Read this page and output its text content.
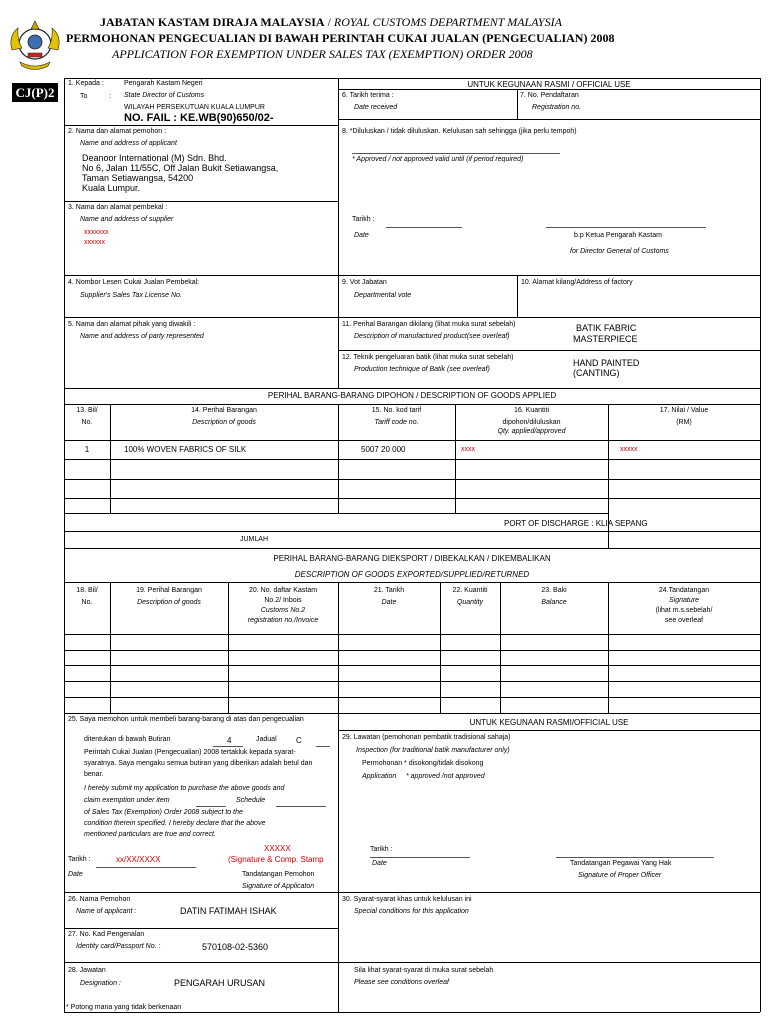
JABATAN KASTAM DIRAJA MALAYSIA / ROYAL CUSTOMS DEPARTMENT MALAYSIA
PERMOHONAN PENGECUALIAN DI BAWAH PERINTAH CUKAI JUALAN (PENGECUALIAN) 2008
APPLICATION FOR EXEMPTION UNDER SALES TAX (EXEMPTION) ORDER 2008
CJ(P)2
1. Kepada :
To	:
Pengarah Kastam Negeri
State Director of Customs
WILAYAH PERSEKUTUAN KUALA LUMPUR
NO. FAIL : KE.WB(90)650/02-
UNTUK KEGUNAAN RASMI / OFFICIAL USE
6. Tarikh terima :
Date received
7. No. Pendaftaran
Registration no.
2. Nama dan alamat pemohon :
Name and address of applicant
Deanoor International (M) Sdn. Bhd.
No 6, Jalan 11/55C, Off Jalan Bukit Setiawangsa,
Taman Setiawangsa, 54200
Kuala Lumpur.
8. *Diluluskan / tidak diluluskan. Kelulusan sah sehingga (jika perlu tempoh)
* Approved / not approved valid until (if period required)
3. Nama dan alamat pembekal :
Name and address of supplier
xxxxxxx
xxxxxx
Tarikh :
Date	b.p Ketua Pengarah Kastam
for Director General of Customs
4. Nombor Lesen Cukai Jualan Pembekal:
Supplier's Sales Tax License No.
9. Vot Jabatan
Departmental vote
10. Alamat kilang/Address of factory
5. Nama dan alamat pihak yang diwakili :
Name and address of party represented
11. Perihal Barangan dikilang (lihat muka surat sebelah)
Description of manufactured product(see overleaf)
BATIK FABRIC
MASTERPIECE
12. Teknik pengeluaran batik (lihat muka surat sebelah)
Production technique of Batik (see overleaf)
HAND PAINTED
(CANTING)
PERIHAL BARANG-BARANG DIPOHON / DESCRIPTION OF GOODS APPLIED
13. Bil/
No.
14. Perihal Barangan
Description of goods
15. No. kod tarif
Tariff code no.
16. Kuantiti
dipohon/diluluskan
Qty. applied/approved
17. Nilai / Value
(RM)
1	100% WOVEN FABRICS OF SILK	5007 20 000	xxxx	xxxxx
PORT OF DISCHARGE : KLIA SEPANG
JUMLAH
PERIHAL BARANG-BARANG DIEKSPORT / DIBEKALKAN / DIKEMBALIKAN
DESCRIPTION OF GOODS EXPORTED/SUPPLIED/RETURNED
18. Bil/
No.
19. Perihal Barangan
Description of goods
20. No. daftar Kastam
No.2/ Inbois
Customs No.2
registration no./Invoice
21. Tarikh
Date
22. Kuantiti
Quantity
23. Baki
Balance
24.Tandatangan
Signature
(lihat m.s.sebelah/
see overleaf
25. Saya memohon untuk membeli barang-barang di atas dan pengecualian
ditentukan di bawah Butiran	4	Jadual C
Perintah Cukai Jualan (Pengecualian) 2008 tertakluk kepada syarat-
syaratnya. Saya mengaku semua butiran yang diberikan adalah betul dan
benar.
I hereby submit my application to purchase the above goods and
claim exemption under item	Schedule
of Sales Tax (Exemption) Order 2008 subject to the
condition therein specified. I hereby declare that the above
mentioned particulars are true and correct.
Tarikh :	xx/XX/XXXX
Date
XXXXX
(Signature & Comp. Stamp
Tandatangan Pemohon
Signature of Applicaton
UNTUK KEGUNAAN RASMI/OFFICIAL USE
29. Lawatan (pemohonan pembatik tradisional sahaja)
Inspection (for traditional batik manufacturer only)
Permohonan * disokong/tidak disokong
Application * approved /not approved
Tarikh :
Date	Tandatangan Pegawai Yang Hak
Signature of Proper Officer
26. Nama Pemohon
Name of applicant :	DATIN FATIMAH ISHAK
30. Syarat-syarat khas untuk kelulusan ini
Special conditions for this application
27. No. Kad Pengenalan
Identity card/Passport No. :	570108-02-5360
28. Jawatan
Designation :	PENGARAH URUSAN
Sila lihat syarat-syarat di muka surat sebelah
Please see conditions overleaf
* Potong mana yang tidak berkenaan
